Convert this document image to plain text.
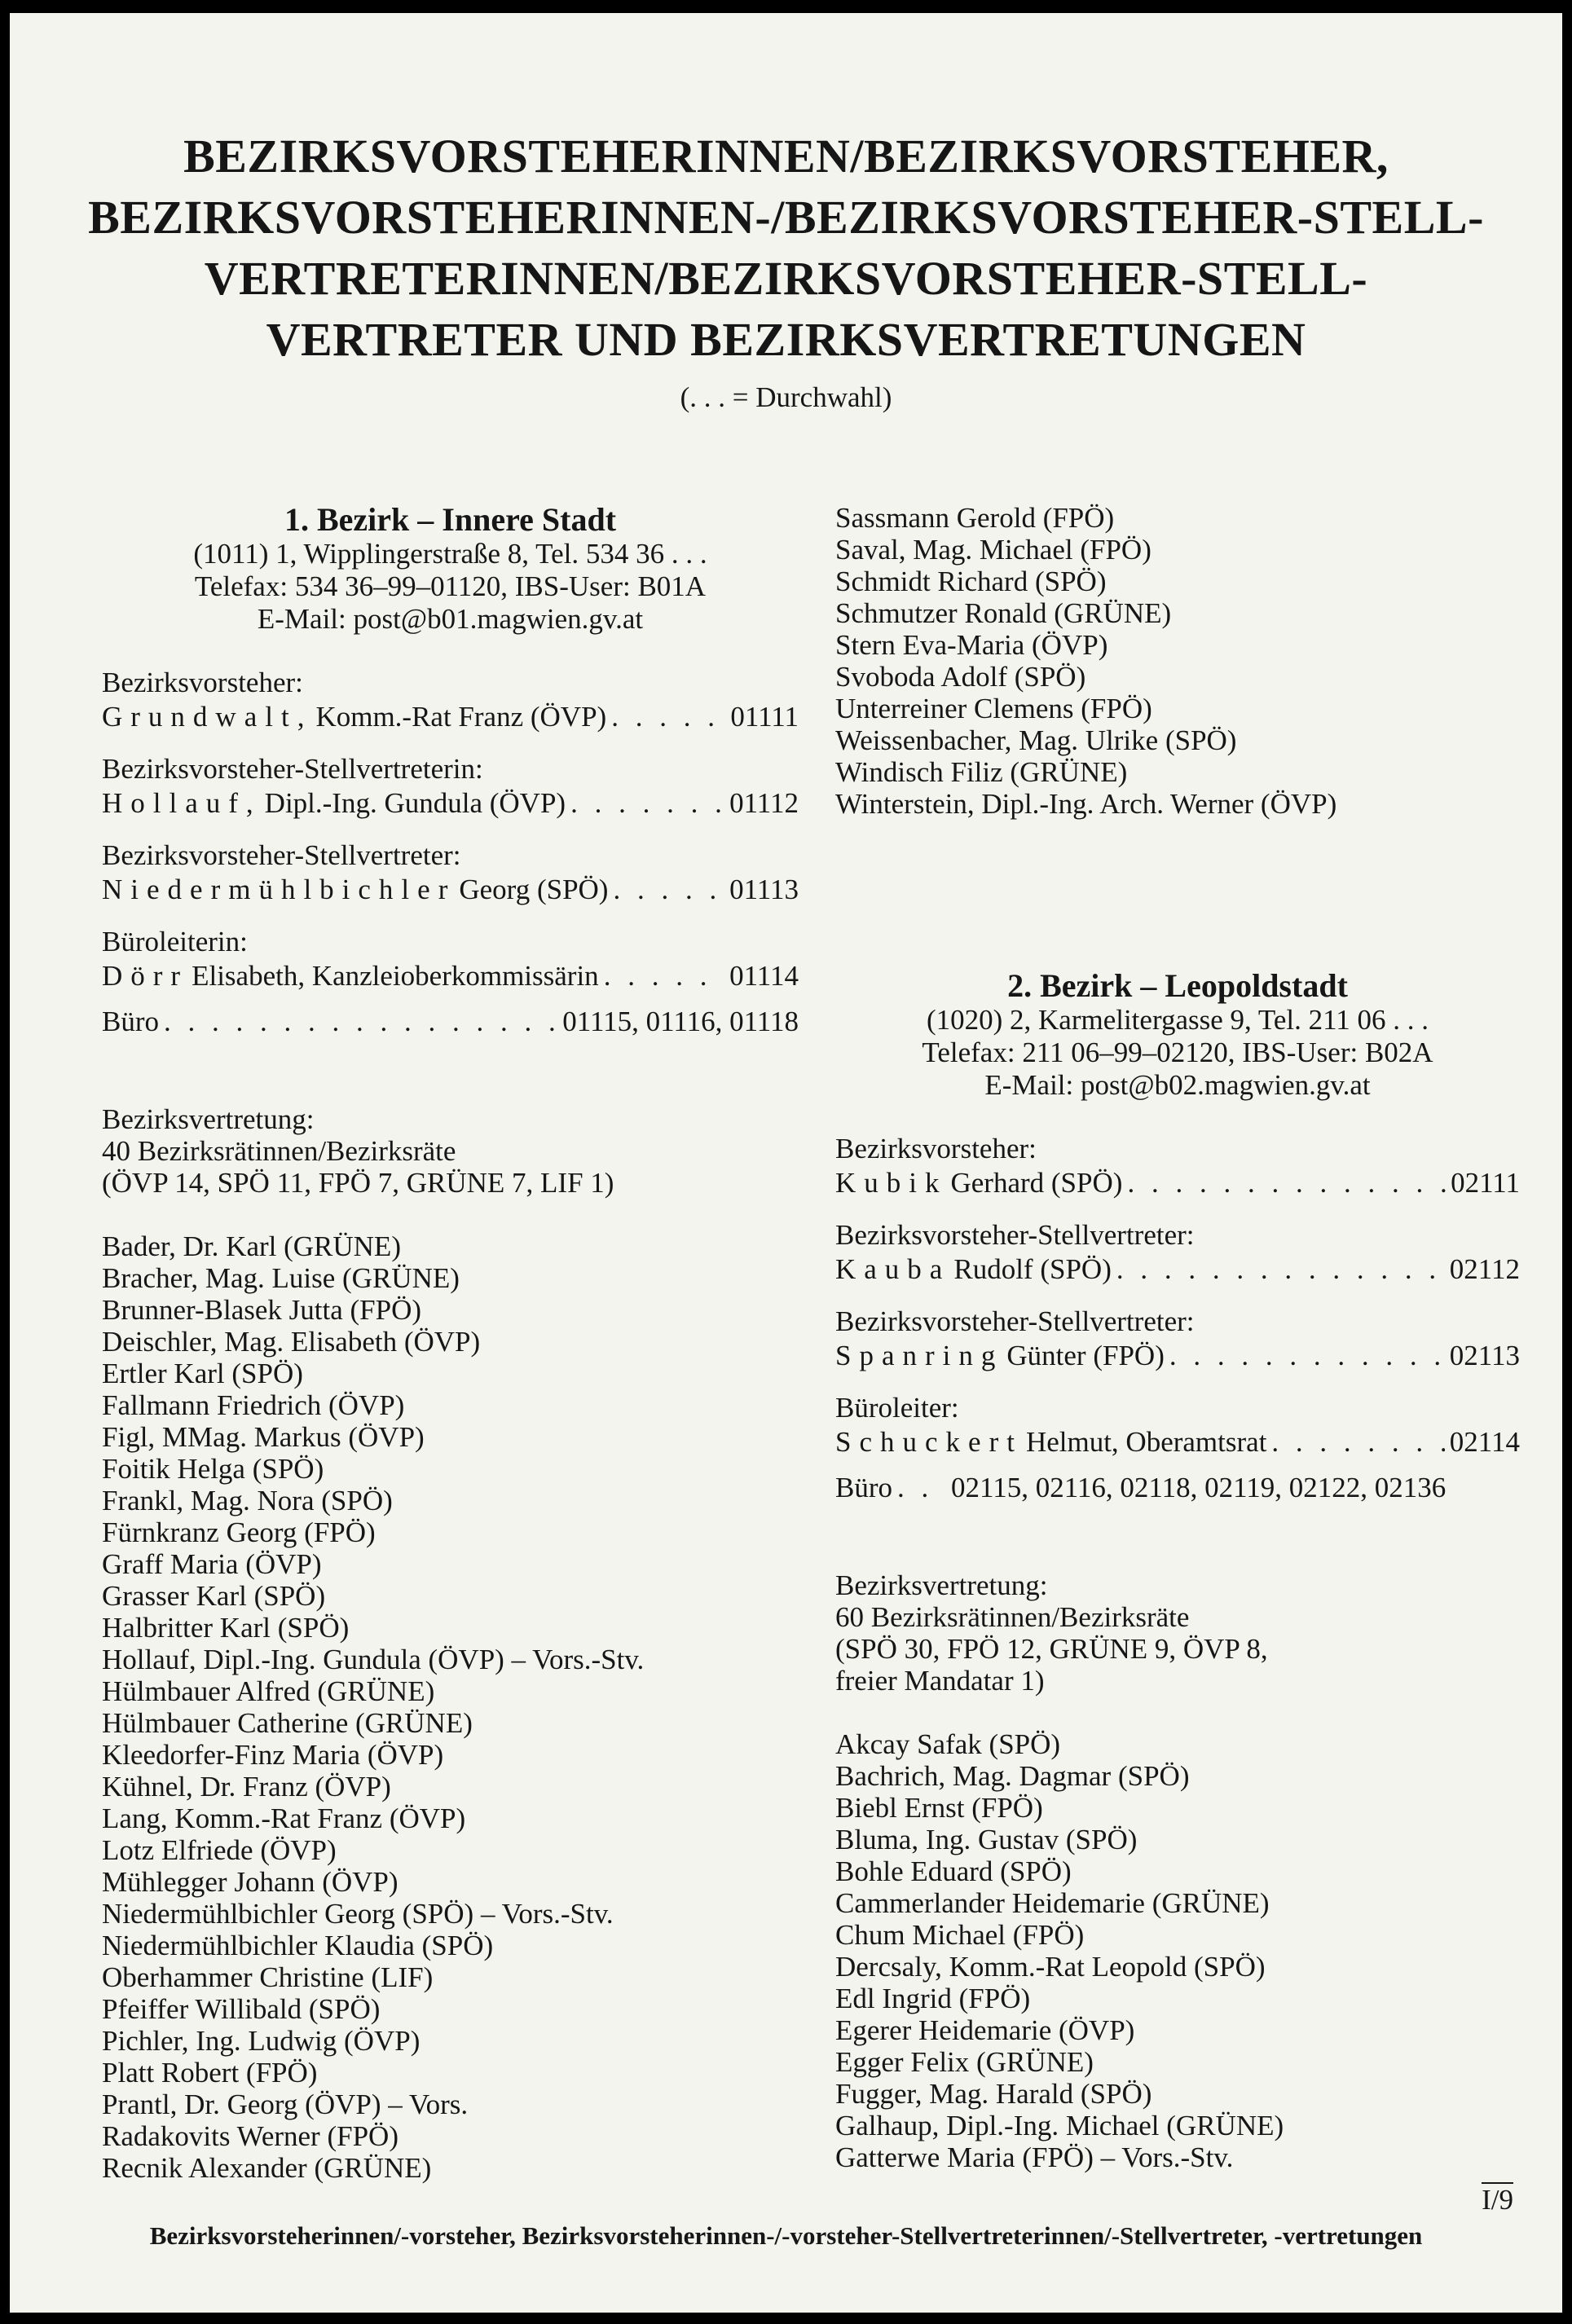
BEZIRKSVORSTEHERINNEN/BEZIRKSVORSTEHER,
BEZIRKSVORSTEHERINNEN-/BEZIRKSVORSTEHER-STELL-
VERTRETERINNEN/BEZIRKSVORSTEHER-STELL-
VERTRETER UND BEZIRKSVERTRETUNGEN
(. . . = Durchwahl)
1. Bezirk – Innere Stadt
(1011) 1, Wipplingerstraße 8, Tel. 534 36 . . .
Telefax: 534 36–99–01120, IBS-User: B01A
E-Mail: post@b01.magwien.gv.at
Bezirksvorsteher:
Grundwalt, Komm.-Rat Franz (ÖVP) . . .	01111
Bezirksvorsteher-Stellvertreterin:
Hollauf, Dipl.-Ing. Gundula (ÖVP) . . .	01112
Bezirksvorsteher-Stellvertreter:
Niedermühlbichler Georg (SPÖ) . . .	01113
Büroleiterin:
Dörr Elisabeth, Kanzleioberkommissärin . . .	01114
Büro . . .	01115, 01116, 01118
Bezirksvertretung:
40 Bezirksrätinnen/Bezirksräte
(ÖVP 14, SPÖ 11, FPÖ 7, GRÜNE 7, LIF 1)
Bader, Dr. Karl (GRÜNE)
Bracher, Mag. Luise (GRÜNE)
Brunner-Blasek Jutta (FPÖ)
Deischler, Mag. Elisabeth (ÖVP)
Ertler Karl (SPÖ)
Fallmann Friedrich (ÖVP)
Figl, MMag. Markus (ÖVP)
Foitik Helga (SPÖ)
Frankl, Mag. Nora (SPÖ)
Fürnkranz Georg (FPÖ)
Graff Maria (ÖVP)
Grasser Karl (SPÖ)
Halbritter Karl (SPÖ)
Hollauf, Dipl.-Ing. Gundula (ÖVP) – Vors.-Stv.
Hülmbauer Alfred (GRÜNE)
Hülmbauer Catherine (GRÜNE)
Kleedorfer-Finz Maria (ÖVP)
Kühnel, Dr. Franz (ÖVP)
Lang, Komm.-Rat Franz (ÖVP)
Lotz Elfriede (ÖVP)
Mühlegger Johann (ÖVP)
Niedermühlbichler Georg (SPÖ) – Vors.-Stv.
Niedermühlbichler Klaudia (SPÖ)
Oberhammer Christine (LIF)
Pfeiffer Willibald (SPÖ)
Pichler, Ing. Ludwig (ÖVP)
Platt Robert (FPÖ)
Prantl, Dr. Georg (ÖVP) – Vors.
Radakovits Werner (FPÖ)
Recnik Alexander (GRÜNE)
Sassmann Gerold (FPÖ)
Saval, Mag. Michael (FPÖ)
Schmidt Richard (SPÖ)
Schmutzer Ronald (GRÜNE)
Stern Eva-Maria (ÖVP)
Svoboda Adolf (SPÖ)
Unterreiner Clemens (FPÖ)
Weissenbacher, Mag. Ulrike (SPÖ)
Windisch Filiz (GRÜNE)
Winterstein, Dipl.-Ing. Arch. Werner (ÖVP)
2. Bezirk – Leopoldstadt
(1020) 2, Karmelitergasse 9, Tel. 211 06 . . .
Telefax: 211 06–99–02120, IBS-User: B02A
E-Mail: post@b02.magwien.gv.at
Bezirksvorsteher:
Kubik Gerhard (SPÖ) . . .	02111
Bezirksvorsteher-Stellvertreter:
Kauba Rudolf (SPÖ) . . .	02112
Bezirksvorsteher-Stellvertreter:
Spanring Günter (FPÖ) . . .	02113
Büroleiter:
Schuckert Helmut, Oberamtsrat . . .	02114
Büro . . . 02115, 02116, 02118, 02119, 02122, 02136
Bezirksvertretung:
60 Bezirksrätinnen/Bezirksräte
(SPÖ 30, FPÖ 12, GRÜNE 9, ÖVP 8,
freier Mandatar 1)
Akcay Safak (SPÖ)
Bachrich, Mag. Dagmar (SPÖ)
Biebl Ernst (FPÖ)
Bluma, Ing. Gustav (SPÖ)
Bohle Eduard (SPÖ)
Cammerlander Heidemarie (GRÜNE)
Chum Michael (FPÖ)
Dercsaly, Komm.-Rat Leopold (SPÖ)
Edl Ingrid (FPÖ)
Egerer Heidemarie (ÖVP)
Egger Felix (GRÜNE)
Fugger, Mag. Harald (SPÖ)
Galhaup, Dipl.-Ing. Michael (GRÜNE)
Gatterwe Maria (FPÖ) – Vors.-Stv.
I/9
Bezirksvorsteherinnen/-vorsteher, Bezirksvorsteherinnen-/-vorsteher-Stellvertreterinnen/-Stellvertreter, -vertretungen
